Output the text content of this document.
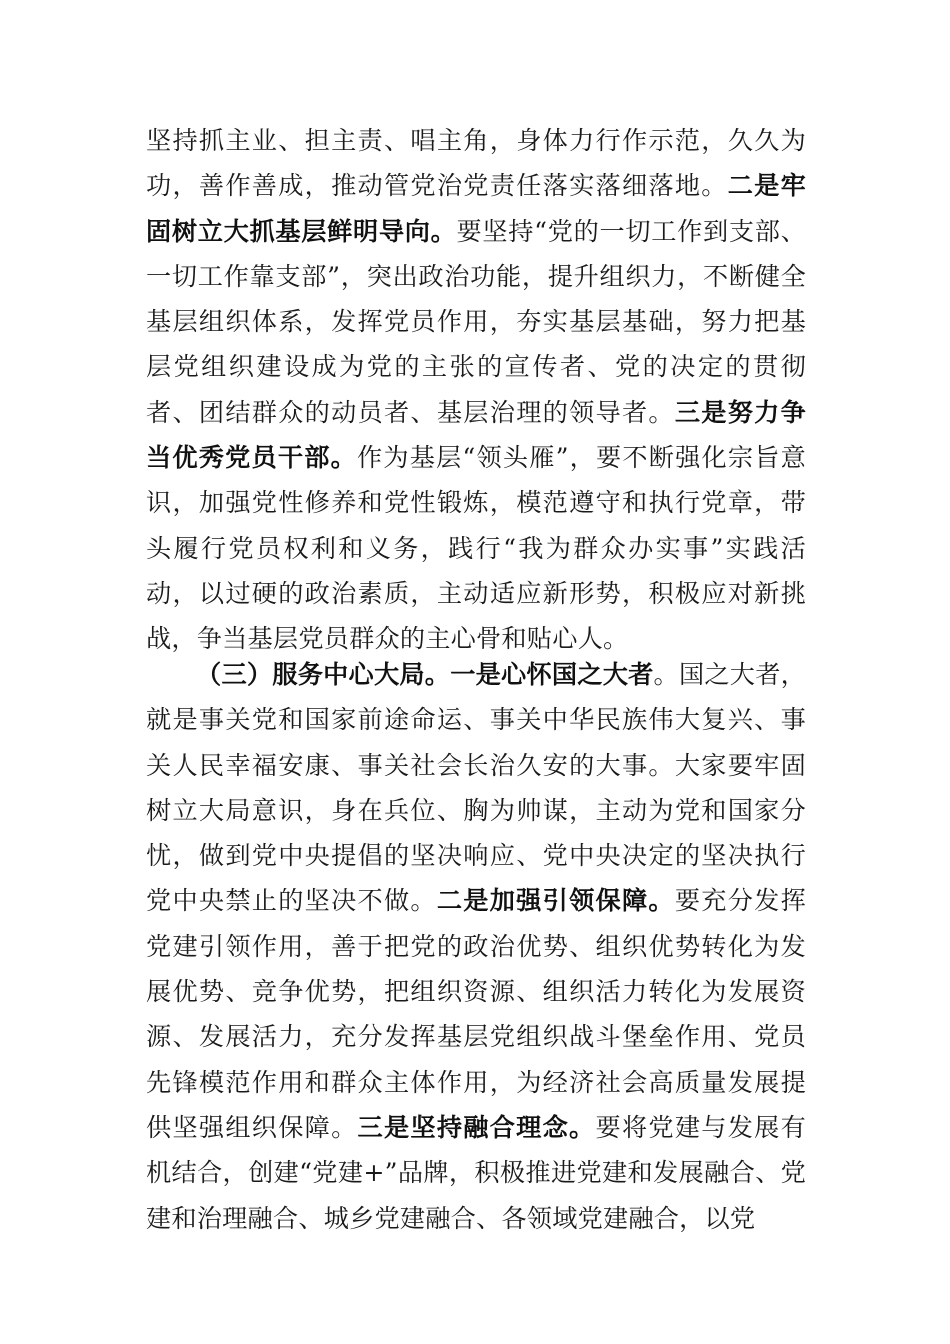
坚持抓主业、担主责、唱主角，身体力行作示范，久久为功，善作善成，推动管党治党责任落实落细落地。二是牢固树立大抓基层鲜明导向。要坚持“党的一切工作到支部、一切工作靠支部”，突出政治功能，提升组织力，不断健全基层组织体系，发挥党员作用，夯实基层基础，努力把基层党组织建设成为党的主张的宣传者、党的决定的贯彻者、团结群众的动员者、基层治理的领导者。三是努力争当优秀党员干部。作为基层“领头雁”，要不断强化宗旨意识，加强党性修养和党性锻炼，模范遵守和执行党章，带头履行党员权利和义务，践行“我为群众办实事”实践活动，以过硬的政治素质，主动适应新形势，积极应对新挑战，争当基层党员群众的主心骨和贴心人。
（三）服务中心大局。一是心怀国之大者。国之大者，就是事关党和国家前途命运、事关中华民族伟大复兴、事关人民幸福安康、事关社会长治久安的大事。大家要牢固树立大局意识，身在兵位、胸为帅谋，主动为党和国家分忧，做到党中央提倡的坚决响应、党中央决定的坚决执行党中央禁止的坚决不做。二是加强引领保障。要充分发挥党建引领作用，善于把党的政治优势、组织优势转化为发展优势、竞争优势，把组织资源、组织活力转化为发展资源、发展活力，充分发挥基层党组织战斗堡垒作用、党员先锋模范作用和群众主体作用，为经济社会高质量发展提供坚强组织保障。三是坚持融合理念。要将党建与发展有机结合，创建“党建+”品牌，积极推进党建和发展融合、党建和治理融合、城乡党建融合、各领域党建融合，以党
